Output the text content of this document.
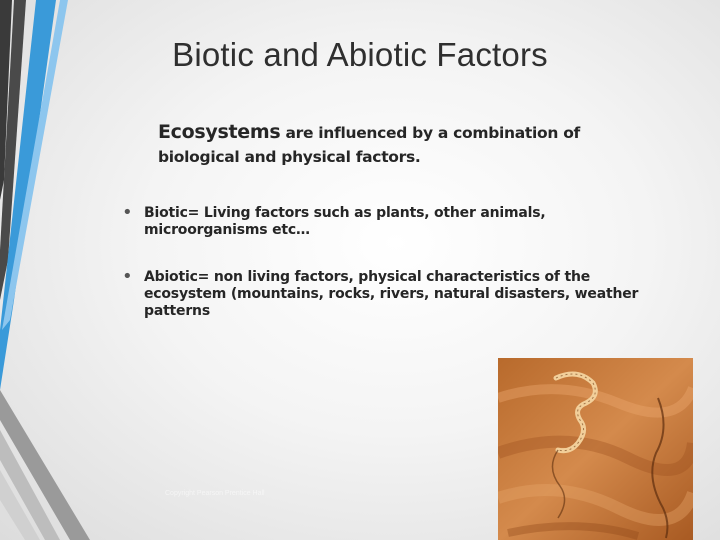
Biotic and Abiotic Factors
Ecosystems are influenced by a combination of
biological and physical factors.
• Biotic= Living factors such as plants, other animals, microorganisms etc…
• Abiotic= non living factors, physical characteristics of the ecosystem (mountains, rocks, rivers, natural disasters, weather patterns
Copyright Pearson Prentice Hall
